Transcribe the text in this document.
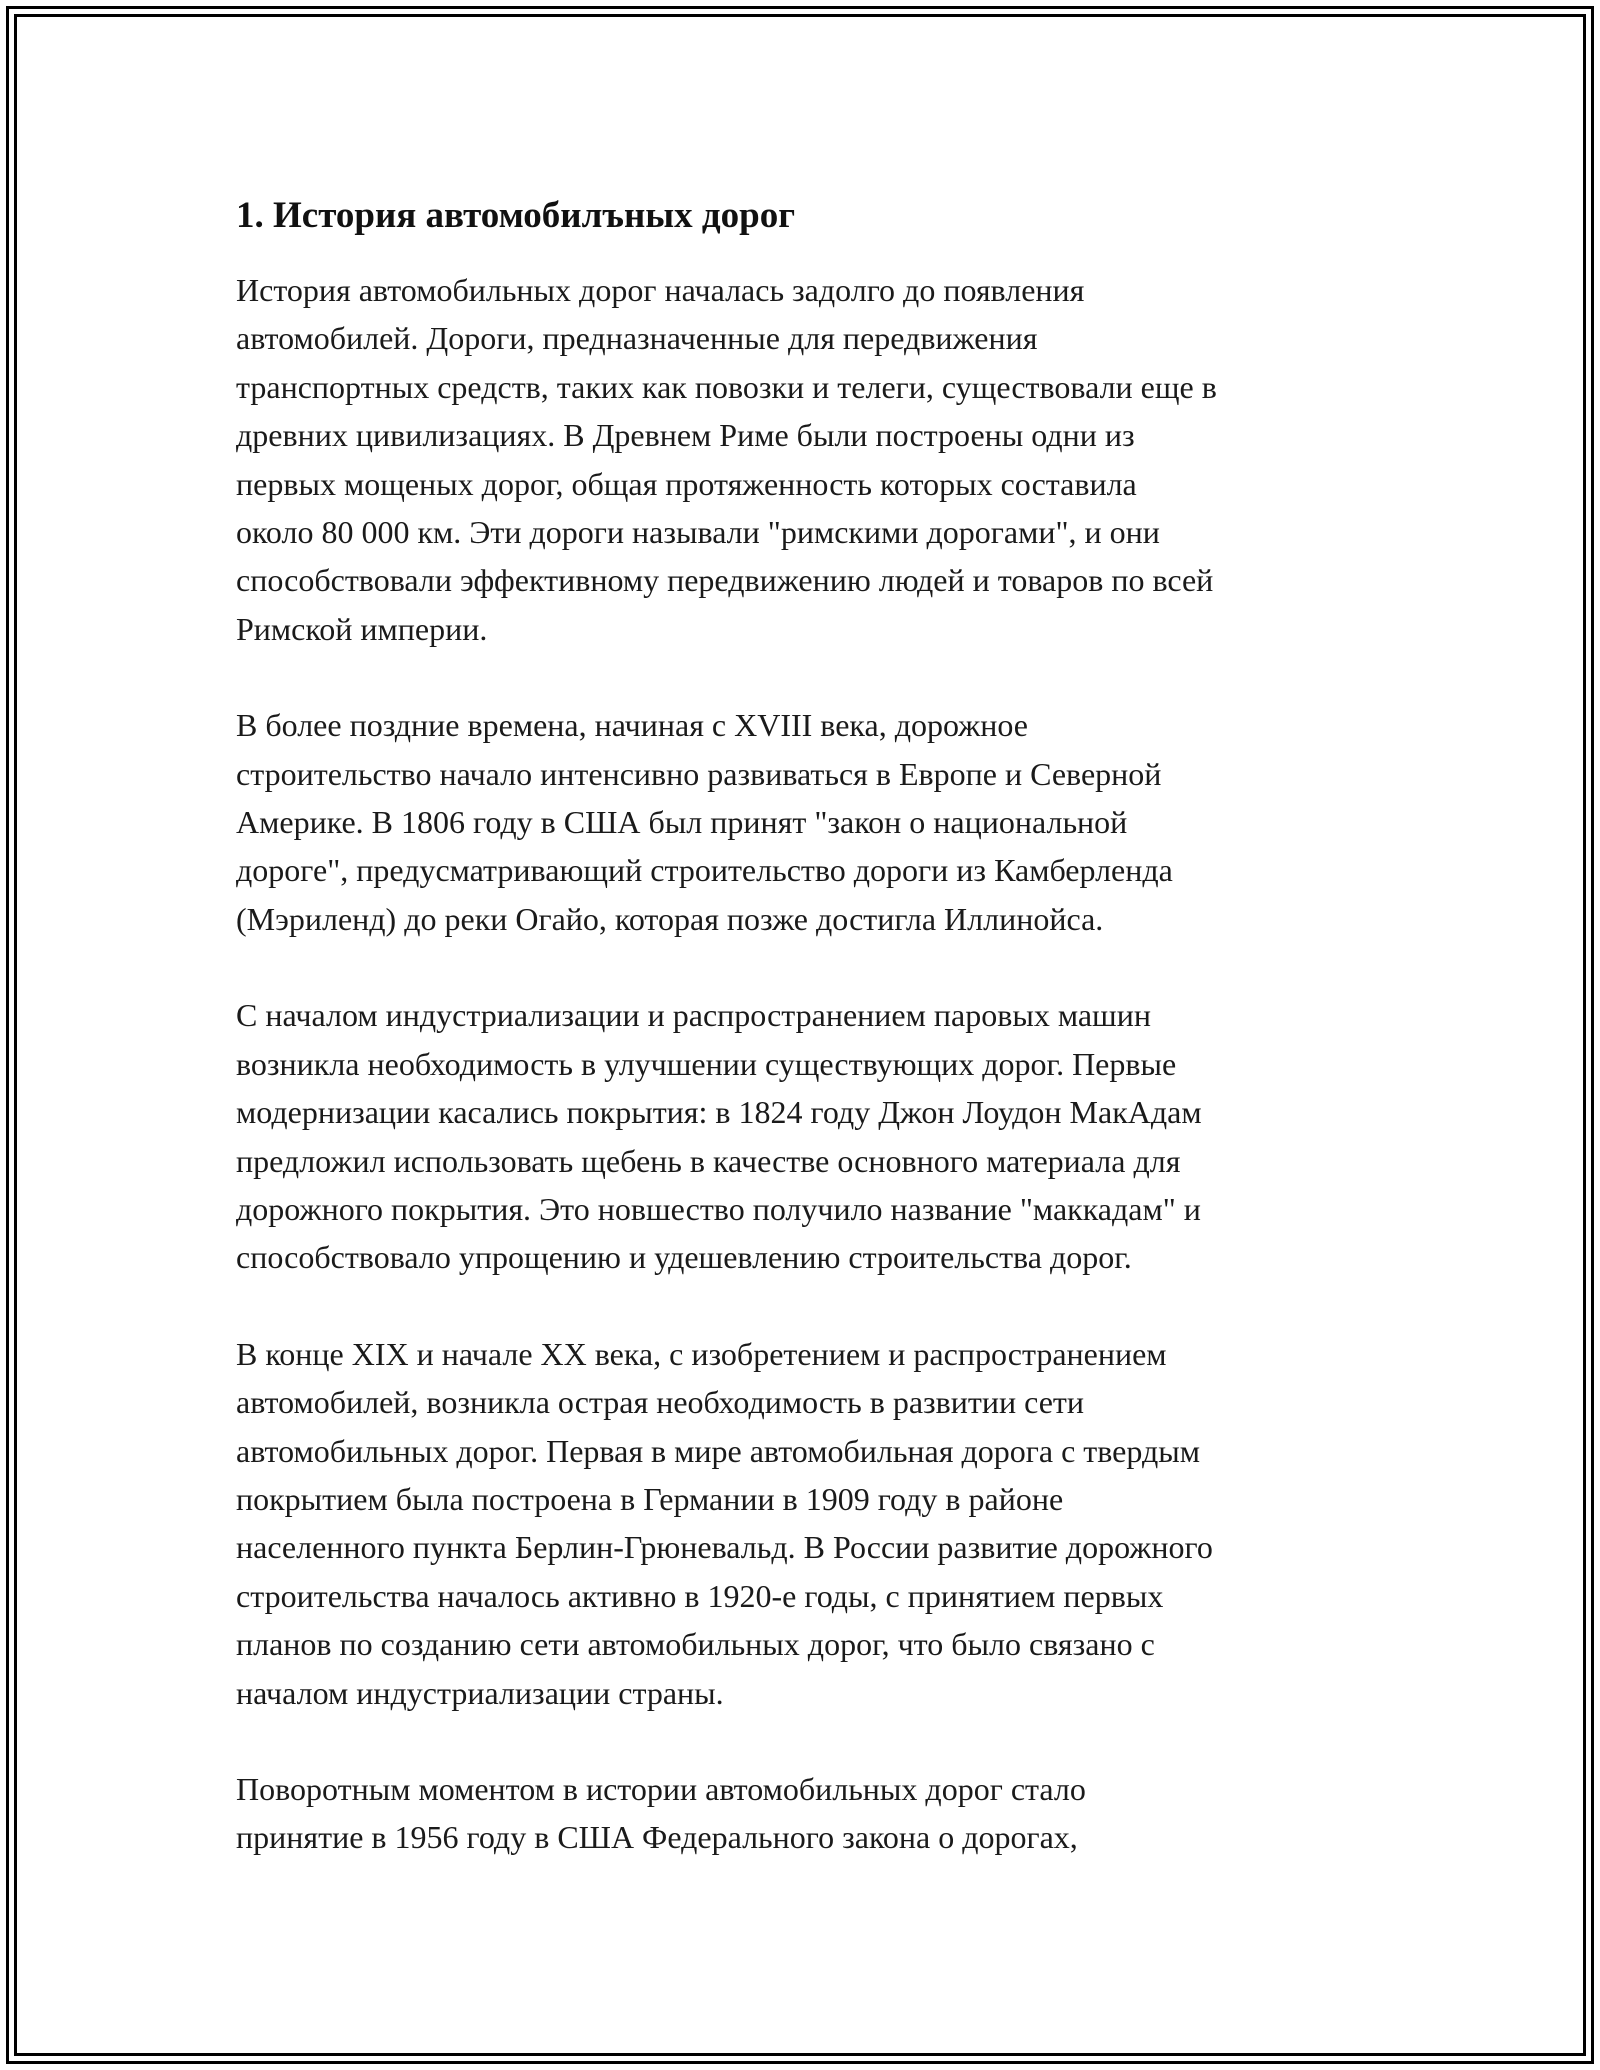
1. История автомобилъных дорог
История автомобильных дорог началась задолго до появления
автомобилей. Дороги, предназначенные для передвижения
транспортных средств, таких как повозки и телеги, существовали еще в
древних цивилизациях. В Древнем Риме были построены одни из
первых мощеных дорог, общая протяженность которых составила
около 80 000 км. Эти дороги называли "римскими дорогами", и они
способствовали эффективному передвижению людей и товаров по всей
Римской империи.
В более поздние времена, начиная с XVIII века, дорожное
строительство начало интенсивно развиваться в Европе и Северной
Америке. В 1806 году в США был принят "закон о национальной
дороге", предусматривающий строительство дороги из Камберленда
(Мэриленд) до реки Огайо, которая позже достигла Иллинойса.
С началом индустриализации и распространением паровых машин
возникла необходимость в улучшении существующих дорог. Первые
модернизации касались покрытия: в 1824 году Джон Лоудон МакАдам
предложил использовать щебень в качестве основного материала для
дорожного покрытия. Это новшество получило название "маккадам" и
способствовало упрощению и удешевлению строительства дорог.
В конце XIX и начале XX века, с изобретением и распространением
автомобилей, возникла острая необходимость в развитии сети
автомобильных дорог. Первая в мире автомобильная дорога с твердым
покрытием была построена в Германии в 1909 году в районе
населенного пункта Берлин-Грюневальд. В России развитие дорожного
строительства началось активно в 1920-е годы, с принятием первых
планов по созданию сети автомобильных дорог, что было связано с
началом индустриализации страны.
Поворотным моментом в истории автомобильных дорог стало
принятие в 1956 году в США Федерального закона о дорогах,
